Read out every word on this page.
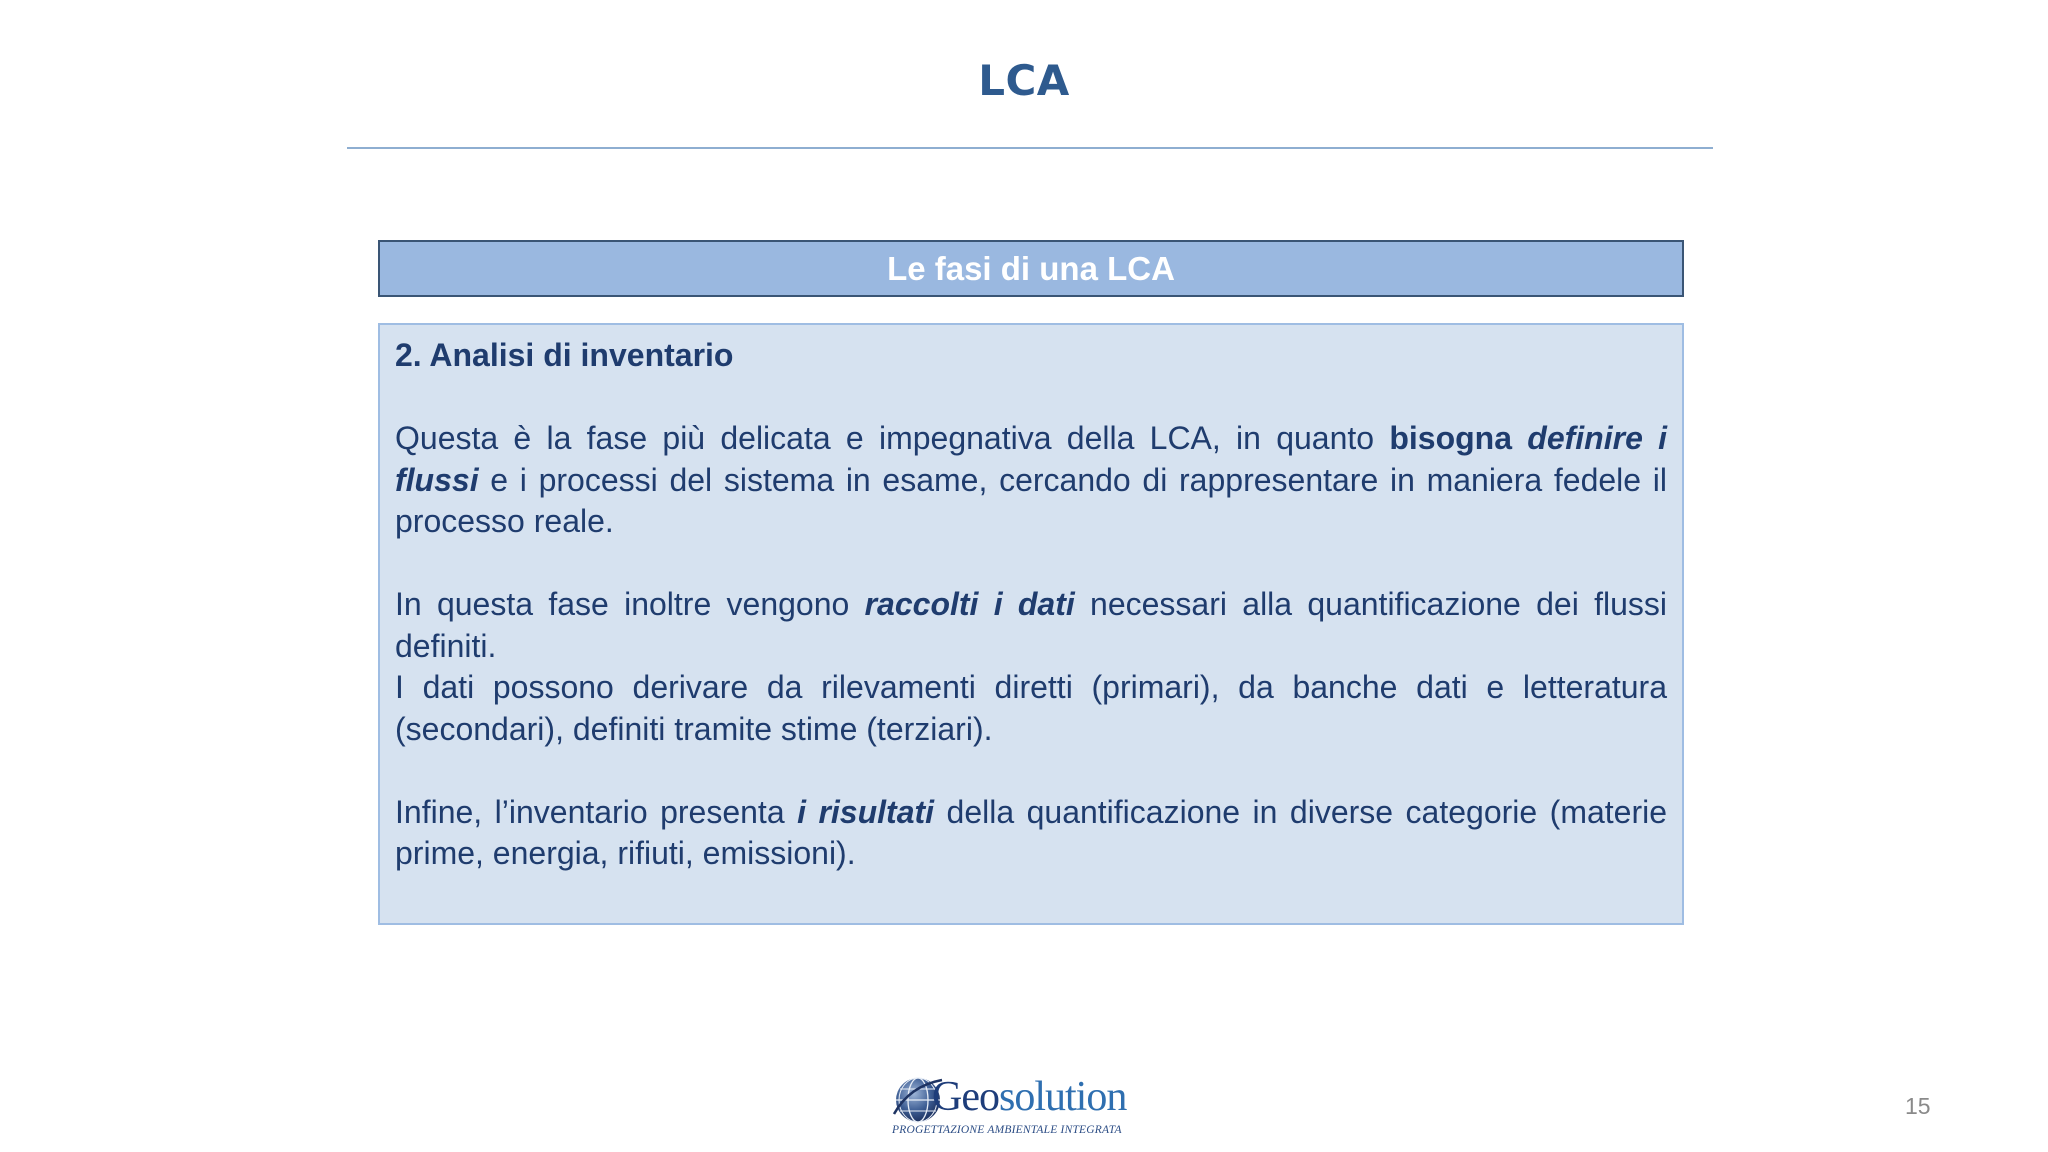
LCA
Le fasi di una LCA

2. Analisi di inventario

Questa è la fase più delicata e impegnativa della LCA, in quanto bisogna definire i flussi e i processi del sistema in esame, cercando di rappresentare in maniera fedele il processo reale.

In questa fase inoltre vengono raccolti i dati necessari alla quantificazione dei flussi definiti.

I dati possono derivare da rilevamenti diretti (primari), da banche dati e letteratura (secondari), definiti tramite stime (terziari).

Infine, l’inventario presenta i risultati della quantificazione in diverse categorie (materie prime, energia, rifiuti, emissioni).

Geosolution
PROGETTAZIONE AMBIENTALE INTEGRATA
15
